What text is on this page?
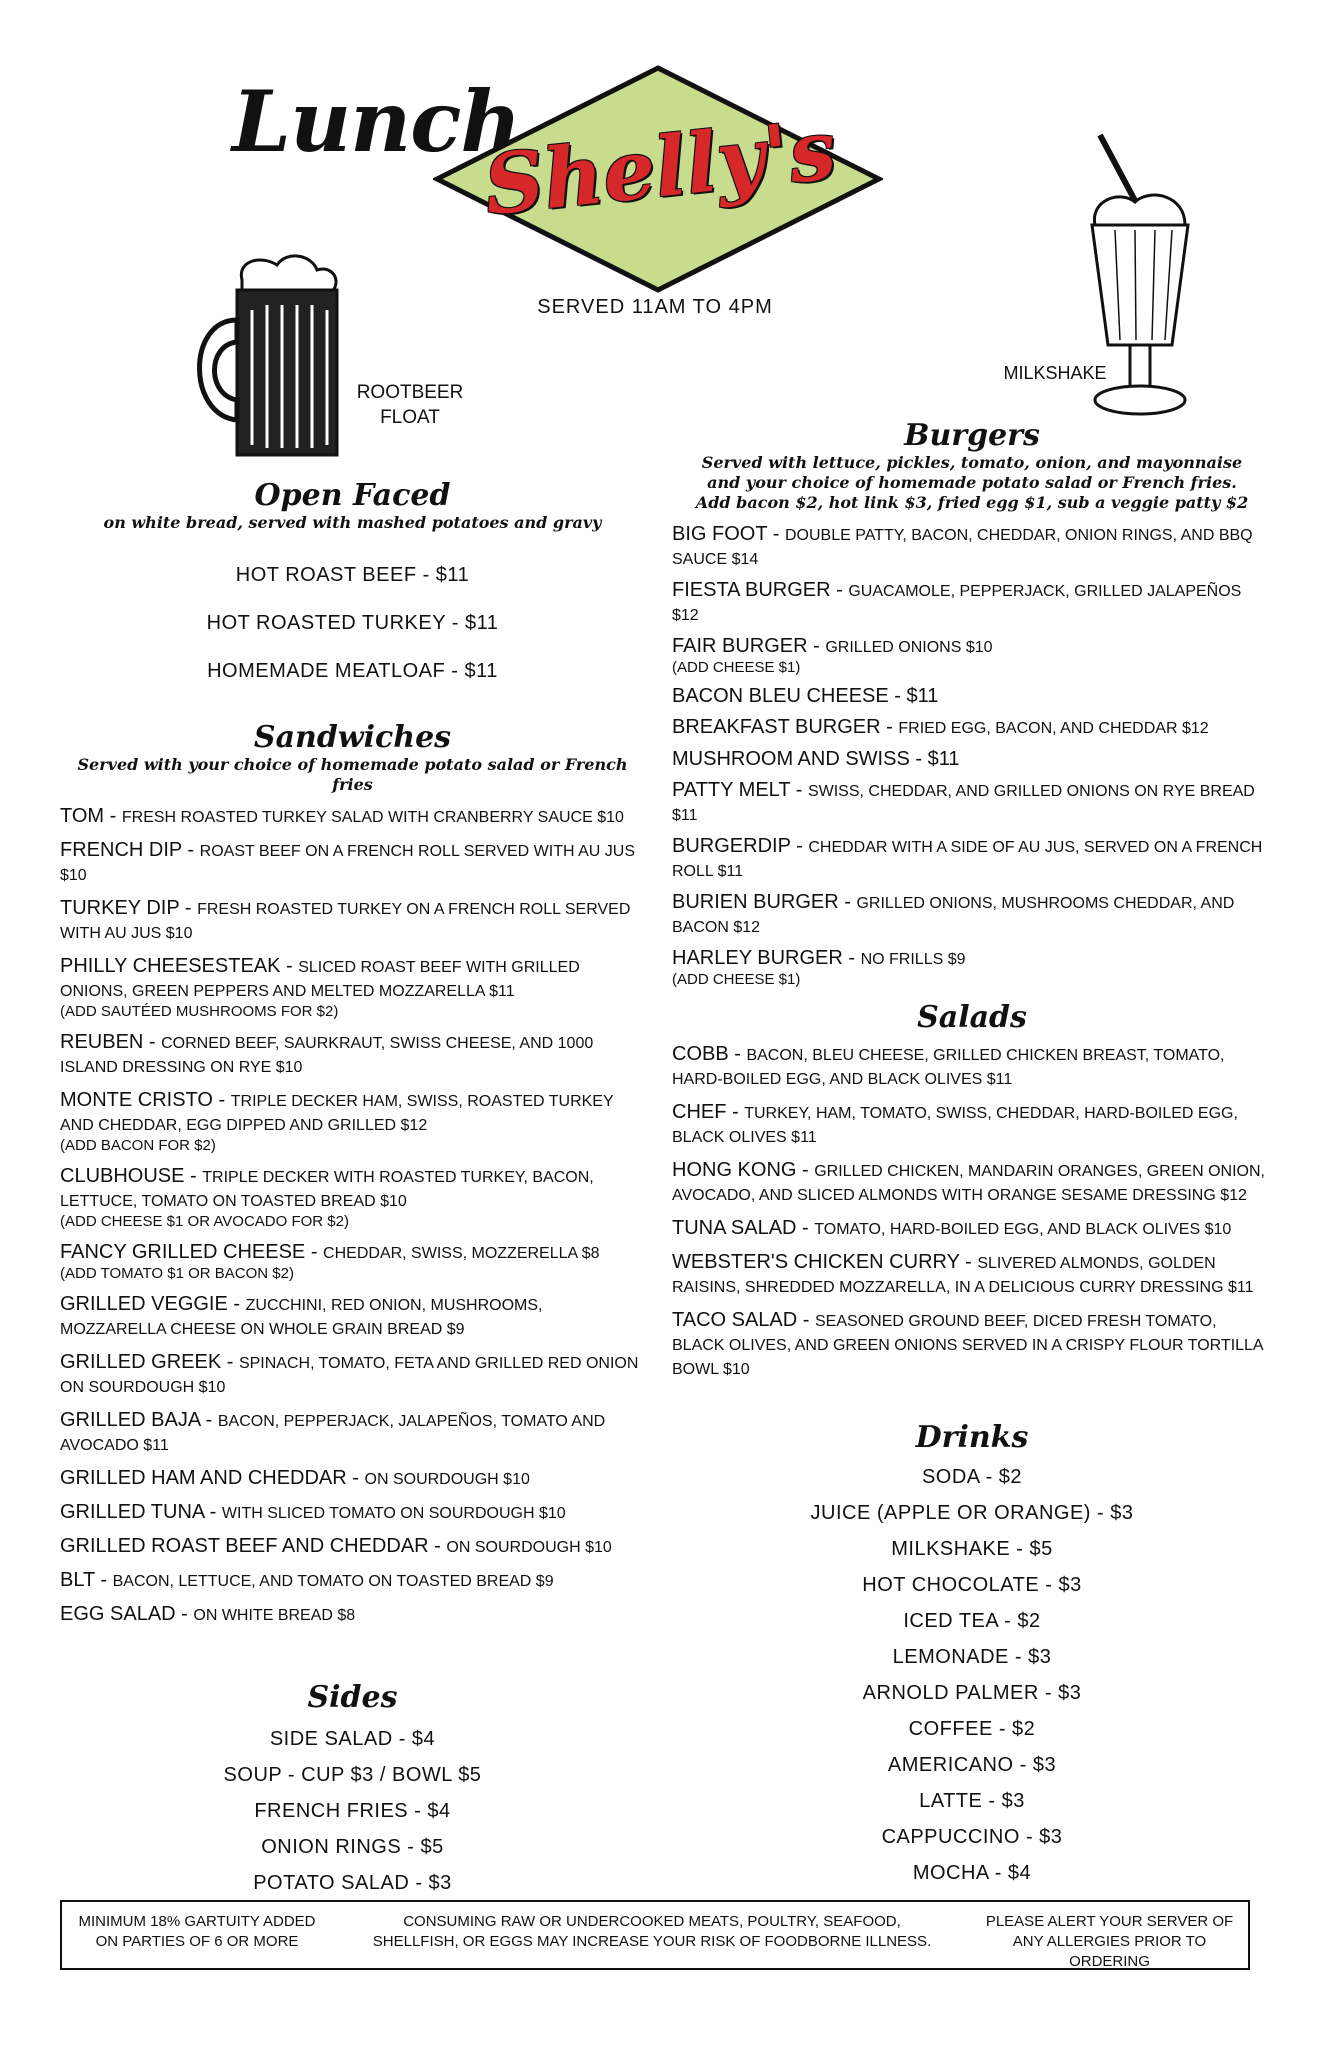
Lunch
Shelly's
SERVED 11AM TO 4PM
ROOTBEER
FLOAT
MILKSHAKE
Open Faced
on white bread, served with mashed potatoes and gravy
HOT ROAST BEEF - $11
HOT ROASTED TURKEY - $11
HOMEMADE MEATLOAF - $11
Sandwiches
Served with your choice of homemade potato salad or French fries
TOM - FRESH ROASTED TURKEY SALAD WITH CRANBERRY SAUCE $10
FRENCH DIP - ROAST BEEF ON A FRENCH ROLL SERVED WITH AU JUS $10
TURKEY DIP - FRESH ROASTED TURKEY ON A FRENCH ROLL SERVED WITH AU JUS $10
PHILLY CHEESESTEAK - SLICED ROAST BEEF WITH GRILLED ONIONS, GREEN PEPPERS AND MELTED MOZZARELLA $11
(ADD SAUTÉED MUSHROOMS FOR $2)
REUBEN - CORNED BEEF, SAURKRAUT, SWISS CHEESE, AND 1000 ISLAND DRESSING ON RYE $10
MONTE CRISTO - TRIPLE DECKER HAM, SWISS, ROASTED TURKEY AND CHEDDAR, EGG DIPPED AND GRILLED $12
(ADD BACON FOR $2)
CLUBHOUSE - TRIPLE DECKER WITH ROASTED TURKEY, BACON, LETTUCE, TOMATO ON TOASTED BREAD $10
(ADD CHEESE $1 OR AVOCADO FOR $2)
FANCY GRILLED CHEESE - CHEDDAR, SWISS, MOZZERELLA $8
(ADD TOMATO $1 OR BACON $2)
GRILLED VEGGIE - ZUCCHINI, RED ONION, MUSHROOMS, MOZZARELLA CHEESE ON WHOLE GRAIN BREAD $9
GRILLED GREEK - SPINACH, TOMATO, FETA AND GRILLED RED ONION ON SOURDOUGH $10
GRILLED BAJA - BACON, PEPPERJACK, JALAPEÑOS, TOMATO AND AVOCADO $11
GRILLED HAM AND CHEDDAR - ON SOURDOUGH $10
GRILLED TUNA - WITH SLICED TOMATO ON SOURDOUGH $10
GRILLED ROAST BEEF AND CHEDDAR - ON SOURDOUGH $10
BLT - BACON, LETTUCE, AND TOMATO ON TOASTED BREAD $9
EGG SALAD - ON WHITE BREAD $8
Sides
SIDE SALAD - $4
SOUP - CUP $3 / BOWL $5
FRENCH FRIES - $4
ONION RINGS - $5
POTATO SALAD - $3
Burgers
Served with lettuce, pickles, tomato, onion, and mayonnaise
and your choice of homemade potato salad or French fries.
Add bacon $2, hot link $3, fried egg $1, sub a veggie patty $2
BIG FOOT - DOUBLE PATTY, BACON, CHEDDAR, ONION RINGS, AND BBQ SAUCE $14
FIESTA BURGER - GUACAMOLE, PEPPERJACK, GRILLED JALAPEÑOS $12
FAIR BURGER - GRILLED ONIONS $10
(ADD CHEESE $1)
BACON BLEU CHEESE - $11
BREAKFAST BURGER - FRIED EGG, BACON, AND CHEDDAR $12
MUSHROOM AND SWISS - $11
PATTY MELT - SWISS, CHEDDAR, AND GRILLED ONIONS ON RYE BREAD $11
BURGERDIP - CHEDDAR WITH A SIDE OF AU JUS, SERVED ON A FRENCH ROLL $11
BURIEN BURGER - GRILLED ONIONS, MUSHROOMS CHEDDAR, AND BACON $12
HARLEY BURGER - NO FRILLS $9
(ADD CHEESE $1)
Salads
COBB - BACON, BLEU CHEESE, GRILLED CHICKEN BREAST, TOMATO, HARD-BOILED EGG, AND BLACK OLIVES $11
CHEF - TURKEY, HAM, TOMATO, SWISS, CHEDDAR, HARD-BOILED EGG, BLACK OLIVES $11
HONG KONG - GRILLED CHICKEN, MANDARIN ORANGES, GREEN ONION, AVOCADO, AND SLICED ALMONDS WITH ORANGE SESAME DRESSING $12
TUNA SALAD - TOMATO, HARD-BOILED EGG, AND BLACK OLIVES $10
WEBSTER'S CHICKEN CURRY - SLIVERED ALMONDS, GOLDEN RAISINS, SHREDDED MOZZARELLA, IN A DELICIOUS CURRY DRESSING $11
TACO SALAD - SEASONED GROUND BEEF, DICED FRESH TOMATO, BLACK OLIVES, AND GREEN ONIONS SERVED IN A CRISPY FLOUR TORTILLA BOWL $10
Drinks
SODA - $2
JUICE (APPLE OR ORANGE) - $3
MILKSHAKE - $5
HOT CHOCOLATE - $3
ICED TEA - $2
LEMONADE - $3
ARNOLD PALMER - $3
COFFEE - $2
AMERICANO - $3
LATTE - $3
CAPPUCCINO - $3
MOCHA - $4
MINIMUM 18% GARTUITY ADDED
ON PARTIES OF 6 OR MORE
CONSUMING RAW OR UNDERCOOKED MEATS, POULTRY, SEAFOOD,
SHELLFISH, OR EGGS MAY INCREASE YOUR RISK OF FOODBORNE ILLNESS.
PLEASE ALERT YOUR SERVER OF
ANY ALLERGIES PRIOR TO ORDERING
